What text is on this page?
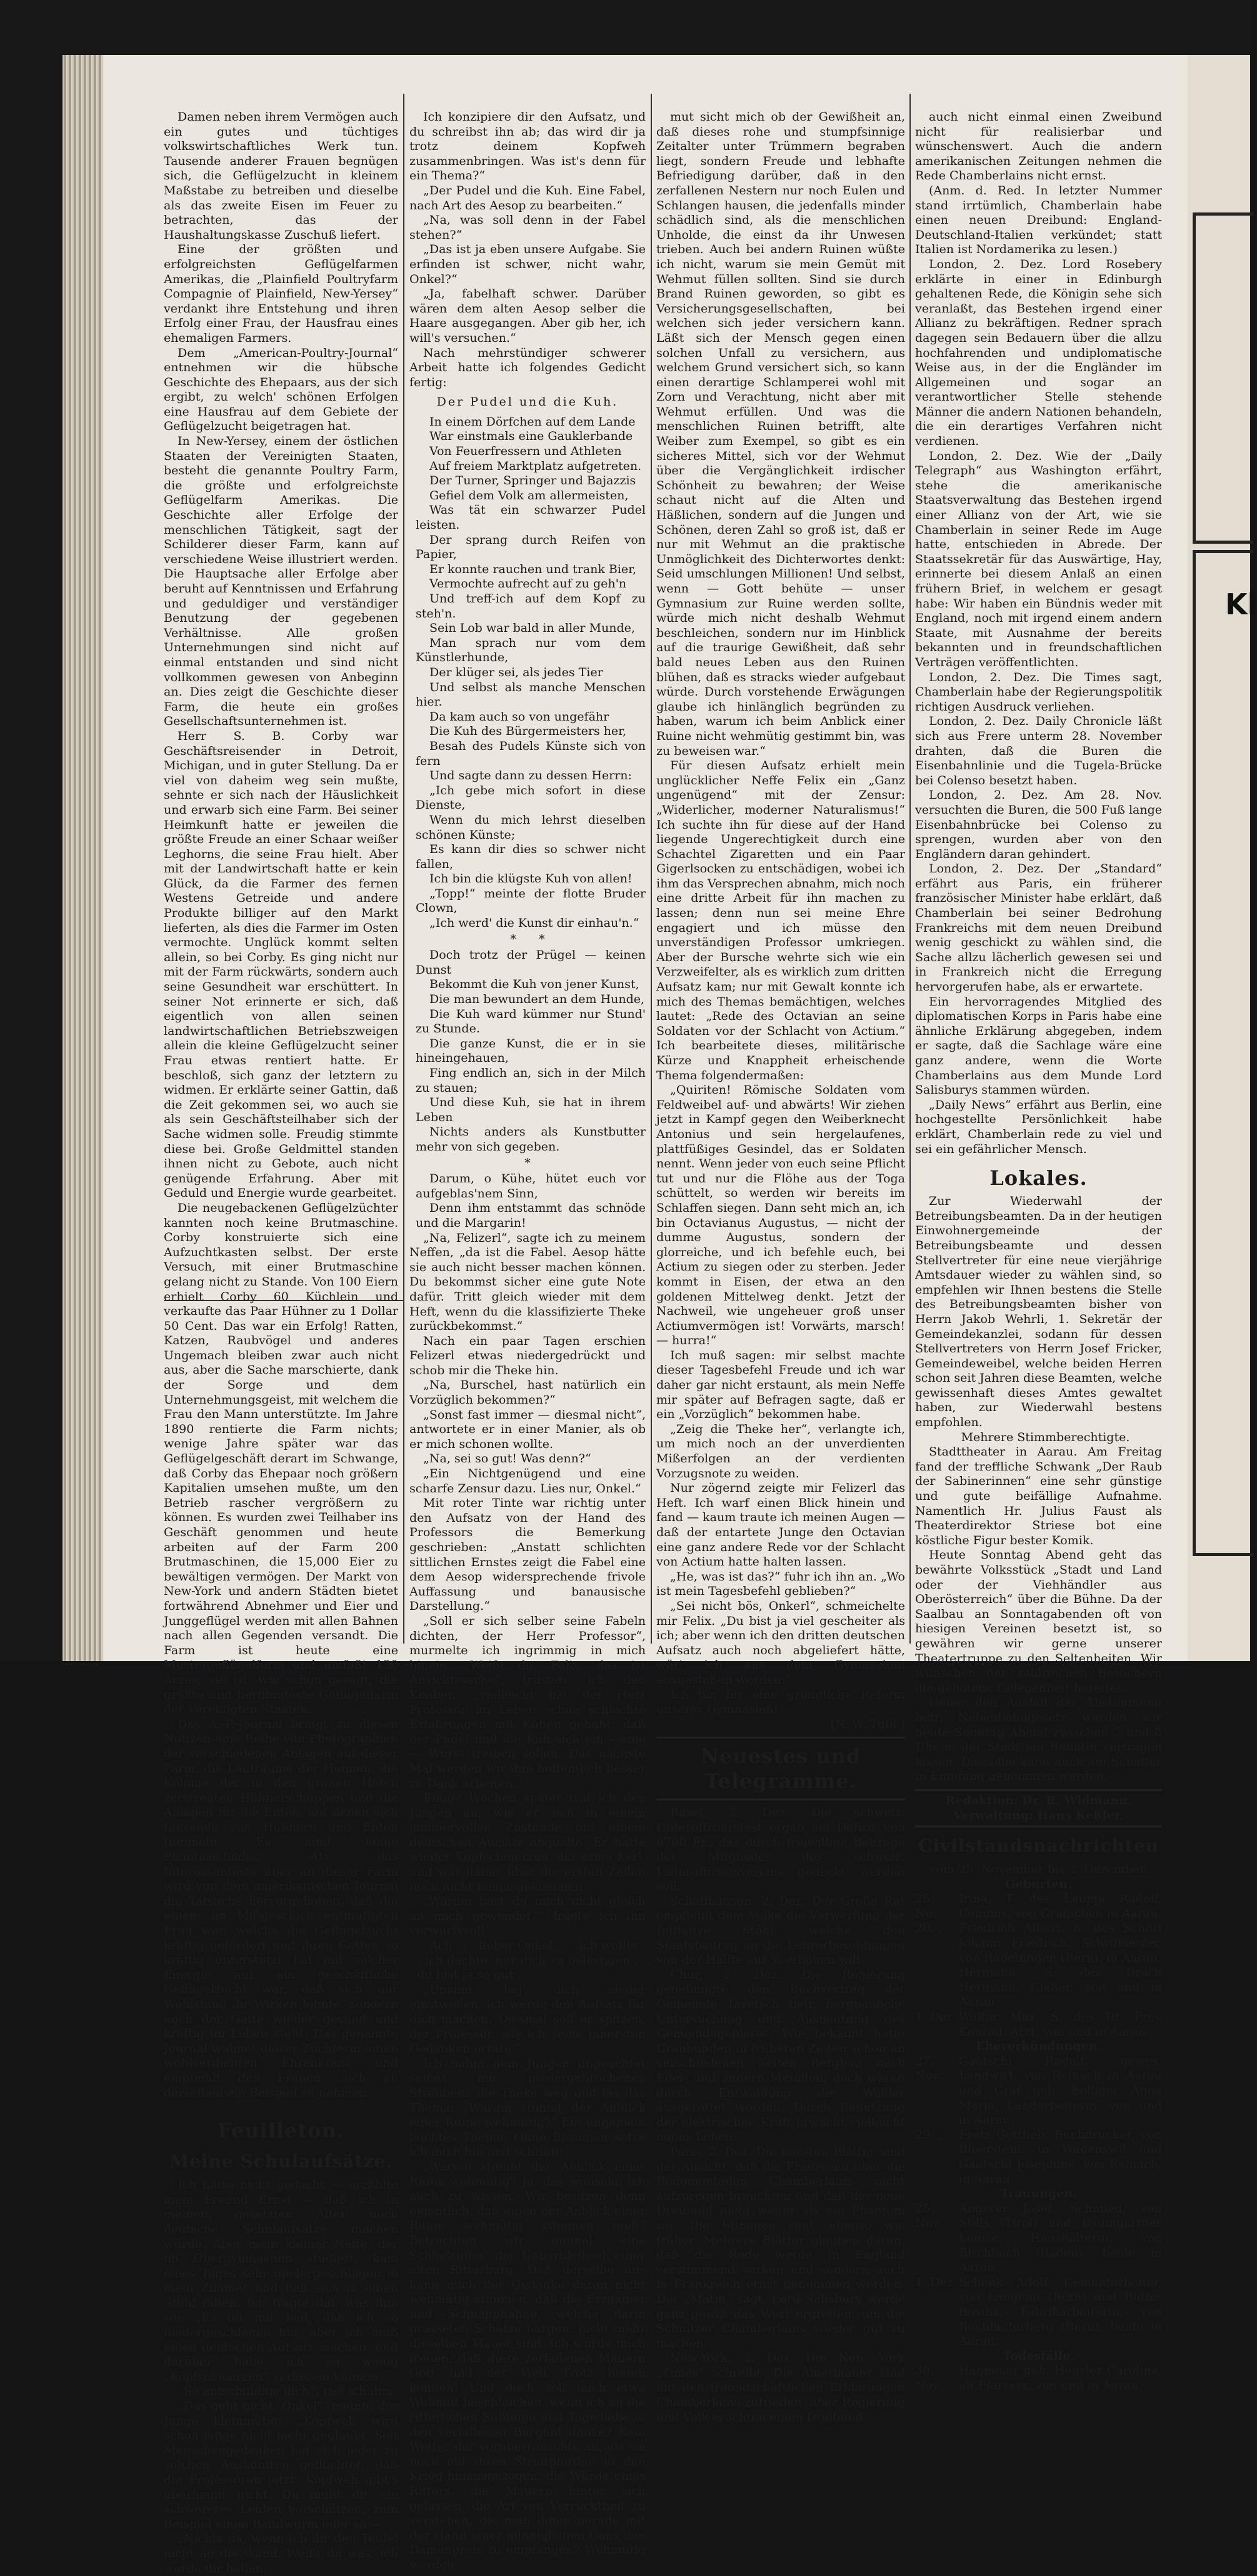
Kl

Damen neben ihrem Vermögen auch ein gutes und tüchtiges volkswirtschaftliches Werk tun. Tausende anderer Frauen begnügen sich, die Geflügelzucht in kleinem Maßstabe zu betreiben und dieselbe als das zweite Eisen im Feuer zu betrachten, das der Haushaltungskasse Zuschuß liefert.

Eine der größten und erfolgreichsten Geflügelfarmen Amerikas, die „Plainfield Poultryfarm Compagnie of Plainfield, New-Yersey“ verdankt ihre Entstehung und ihren Erfolg einer Frau, der Hausfrau eines ehemaligen Farmers.

Dem „American-Poultry-Journal“ entnehmen wir die hübsche Geschichte des Ehepaars, aus der sich ergibt, zu welch' schönen Erfolgen eine Hausfrau auf dem Gebiete der Geflügelzucht beigetragen hat.

In New-Yersey, einem der östlichen Staaten der Vereinigten Staaten, besteht die genannte Poultry Farm, die größte und erfolgreichste Geflügelfarm Amerikas. Die Geschichte aller Erfolge der menschlichen Tätigkeit, sagt der Schilderer dieser Farm, kann auf verschiedene Weise illustriert werden. Die Hauptsache aller Erfolge aber beruht auf Kenntnissen und Erfahrung und geduldiger und verständiger Benutzung der gegebenen Verhältnisse. Alle großen Unternehmungen sind nicht auf einmal entstanden und sind nicht vollkommen gewesen von Anbeginn an. Dies zeigt die Geschichte dieser Farm, die heute ein großes Gesellschaftsunternehmen ist.

Herr S. B. Corby war Geschäftsreisender in Detroit, Michigan, und in guter Stellung. Da er viel von daheim weg sein mußte, sehnte er sich nach der Häuslichkeit und erwarb sich eine Farm. Bei seiner Heimkunft hatte er jeweilen die größte Freude an einer Schaar weißer Leghorns, die seine Frau hielt. Aber mit der Landwirtschaft hatte er kein Glück, da die Farmer des fernen Westens Getreide und andere Produkte billiger auf den Markt lieferten, als dies die Farmer im Osten vermochte. Unglück kommt selten allein, so bei Corby. Es ging nicht nur mit der Farm rückwärts, sondern auch seine Gesundheit war erschüttert. In seiner Not erinnerte er sich, daß eigentlich von allen seinen landwirtschaftlichen Betriebszweigen allein die kleine Geflügelzucht seiner Frau etwas rentiert hatte. Er beschloß, sich ganz der letztern zu widmen. Er erklärte seiner Gattin, daß die Zeit gekommen sei, wo auch sie als sein Geschäftsteilhaber sich der Sache widmen solle. Freudig stimmte diese bei. Große Geldmittel standen ihnen nicht zu Gebote, auch nicht genügende Erfahrung. Aber mit Geduld und Energie wurde gearbeitet.

Die neugebackenen Geflügelzüchter kannten noch keine Brutmaschine. Corby konstruierte sich eine Aufzuchtkasten selbst. Der erste Versuch, mit einer Brutmaschine gelang nicht zu Stande. Von 100 Eiern erhielt Corby 60 Küchlein und verkaufte das Paar Hühner zu 1 Dollar 50 Cent. Das war ein Erfolg! Ratten, Katzen, Raubvögel und anderes Ungemach bleiben zwar auch nicht aus, aber die Sache marschierte, dank der Sorge und dem Unternehmungsgeist, mit welchem die Frau den Mann unterstützte. Im Jahre 1890 rentierte die Farm nichts; wenige Jahre später war das Geflügelgeschäft derart im Schwange, daß Corby das Ehepaar noch größern Kapitalien umsehen mußte, um den Betrieb rascher vergrößern zu können. Es wurden zwei Teilhaber ins Geschäft genommen und heute arbeiten auf der Farm 200 Brutmaschinen, die 15,000 Eier zu bewältigen vermögen. Der Markt von New-York und andern Städten bietet fortwährend Abnehmer und Eier und Junggeflügel werden mit allen Bahnen nach allen Gegenden versandt. Die Farm ist heute eine Mustergeflügelfarm und umfaßt 130 Acres; sie ist, wie schon gesagt, die größte und berühmteste Geflügelfarm der Vereinigten Staaten.

Das A.-P.-Journal bringt zu diesen Notizen eine Reihe von Photographien der verschiedenen Anlagen auf dieser Farm, die Laufräume der Hennen, die Kolonie der in den großen Höfen zerstreuten Hühnerschuppen und die Anlagen für die Enten, auf denen sich tausende von Hühnern und Enten tummeln. Es sind keine Phantasiebilder. Als das Interessanteste aber an dieser Farm wird von dem amerikanischen Journal die Tatsache hervorgehoben, daß die einem im Mißgeschick entmutigten Frau war, welche die Geflügelzucht kräftig gefördert und ihren Gatten so kräftig unterstützt hat mit solcher Energie auf ein geschäftliche Geflügelzucht war, daß sich nur Wohlstand ihr Wirken lohnte, sondern auch der Gatte wieder gesund und kräftig im Leben steht. Das genannte Journal widmet dieser Züchterin einen wohlverdienten Ehrenkranz und empfiehlt den Frauen, sich an derselben ein Beispiel zu nehmen.

Feuilleton.
Meine Schulaufsätze.

Ich hätte nicht gedacht — erzählte mein Freund Ernst — daß ich in meinem gesetzten Alter noch deutsche Schulaufsätze machen würde. Aber mein kleiner Neffe, der im Obergymnasium studiert, kam eines Tages sehr niedergeschlagen in mein Zimmer und ließ sich in einen Stuhl fallen. Ich fragte ihn, was ihm sei. „Es tut mir leid, daß ich so niedergeschlagen bin, aber ich muß einen deutschen Aufsatz machen, und darüber habe ich so wenig „Kopfschmerzen“ verlassen können.

„So entschuldige dich“, riet ich ihm.

„Das geht nicht, Onkel“, meinte der Junge kleinmütig; „Kopfweh wird schon lange nicht mehr geglaubt. Seit Menschengedenken hat sich jeder zu solchen Auskünften geflüchtet, daß die Professoren jetzt: Kopfweh gibt's überhaupt nicht. Du mußt dir ein schwereres Leiden vorschützen, zum Beispiel einen Bandwurm oder so —

„Nichts da; wenn ich dir den Teufel nicht an die Wand. Weißt du was, ich werde dir helfen.

Ich konzipiere dir den Aufsatz, und du schreibst ihn ab; das wird dir ja trotz deinem Kopfweh zusammenbringen. Was ist's denn für ein Thema?“

„Der Pudel und die Kuh. Eine Fabel, nach Art des Aesop zu bearbeiten.“

„Na, was soll denn in der Fabel stehen?“

„Das ist ja eben unsere Aufgabe. Sie erfinden ist schwer, nicht wahr, Onkel?“

„Ja, fabelhaft schwer. Darüber wären dem alten Aesop selber die Haare ausgegangen. Aber gib her, ich will's versuchen.“

Nach mehrstündiger schwerer Arbeit hatte ich folgendes Gedicht fertig:

Der Pudel und die Kuh.

In einem Dörfchen auf dem Lande

War einstmals eine Gauklerbande

Von Feuerfressern und Athleten

Auf freiem Marktplatz aufgetreten.

Der Turner, Springer und Bajazzis

Gefiel dem Volk am allermeisten,

Was tät ein schwarzer Pudel leisten.

Der sprang durch Reifen von Papier,

Er konnte rauchen und trank Bier,

Vermochte aufrecht auf zu geh'n

Und treff-ich auf dem Kopf zu steh'n.

Sein Lob war bald in aller Munde,

Man sprach nur vom dem Künstlerhunde,

Der klüger sei, als jedes Tier

Und selbst als manche Menschen hier.

Da kam auch so von ungefähr

Die Kuh des Bürgermeisters her,

Besah des Pudels Künste sich von fern

Und sagte dann zu dessen Herrn:

„Ich gebe mich sofort in diese Dienste,

Wenn du mich lehrst dieselben schönen Künste;

Es kann dir dies so schwer nicht fallen,

Ich bin die klügste Kuh von allen!

„Topp!“ meinte der flotte Bruder Clown,

„Ich werd' die Kunst dir einhau'n.“

*      *

Doch trotz der Prügel — keinen Dunst

Bekommt die Kuh von jener Kunst,

Die man bewundert an dem Hunde,

Die Kuh ward kümmer nur Stund' zu Stunde.

Die ganze Kunst, die er in sie hineingehauen,

Fing endlich an, sich in der Milch zu stauen;

Und diese Kuh, sie hat in ihrem Leben

Nichts anders als Kunstbutter mehr von sich gegeben.

*

Darum, o Kühe, hütet euch vor aufgeblas'nem Sinn,

Denn ihm entstammt das schnöde und die Margarin!

„Na, Felizerl“, sagte ich zu meinem Neffen, „da ist die Fabel. Aesop hätte sie auch nicht besser machen können. Du bekommst sicher eine gute Note dafür. Tritt gleich wieder mit dem Heft, wenn du die klassifizierte Theke zurückbekommst.“

Nach ein paar Tagen erschien Felizerl etwas niedergedrückt und schob mir die Theke hin.

„Na, Burschel, hast natürlich ein Vorzüglich bekommen?“

„Sonst fast immer — diesmal nicht“, antwortete er in einer Manier, als ob er mich schonen wollte.

„Na, sei so gut! Was denn?“

„Ein Nichtgenügend und eine scharfe Zensur dazu. Lies nur, Onkel.“

Mit roter Tinte war richtig unter den Aufsatz von der Hand des Professors die Bemerkung geschrieben: „Anstatt schlichten sittlichen Ernstes zeigt die Fabel eine dem Aesop widersprechende frivole Auffassung und banausische Darstellung.“

„Soll er sich selber seine Fabeln dichten, der Herr Professor“, murmelte ich ingrimmig in mich hinein. „Weißt du, Felix, das ist Ansichtssache“, tröstete ich den Knaben, „vielleicht hat der Herr Professor im Leben schon schlechte Erfahrungen mit Kühen gehabt, daß der Pudel und die Kuh sich ein – eine — Wurst treiben sollen. Das nächste Mal werden wir ihm hoffentlich besser zu Dank arbeiten.“

Einige Wochen später traf ich den Jungen an, wie er sich in einem jammervollen Zustande mit einem deutschen Aufsatz abquälte. Er hatte wieder Kopfschmerzen, der arme Kerl, und war daher über die ersten Zeilen noch nicht hinausgekommen.

„Warum hast du mich nicht gleich an mich gewendet?“ fragte ich ihn vorwurfsvoll.

„Ach . . . lieber Onkel . . . ich wollte . . . ich dachte, nur dich zu belästigen . . . du bist ja so gut . . .

„Unsinn, leg' dich nieder einstweilen, ich werde den Aufsatz für dich machen. Diesmal soll er spitzen, der Professor, wie ich seine innersten Gedanken errate.“

Ich nahm dem Jungen ungeachtet seines mir niedergebrochenen Sträubens die Theke weg und las das Thema: „Warum stimmt der Anblick einer Ruine wehmütig?“ Ein ungemein leichtes Thema. Ohne Besinnen setze ich mich hin und schrieb:

„Warum stimmt der Anblick einer Ruine wehmütig? Ja, das wünsche ich auch zu wissen. Wir besitzen denn eigentlich, daß einen der Anblick einer Ruine wehmütig stimmen muß? Betrachten wir einmal eine Schloßruine, die Ueberbleibsel einer alten Ritterburg. Daß derselbe uns kann mich der Gedanke daran nicht wehmütig stimmen, daß die Erzgamer und Schnapphähne, welche darin prasseten Schätze bargen, nicht mehr dieselben Mauer sind. Ich würde mich freuen, daß diese zerfallenen Mauern Gott und der Welt Trotz bieten können! Und doch soll mich etwa Wehmut beschleichen, wenn ich an die ritterlichen Süßlinge und Tagediebe in den verfallenen Burghof denke? Kein Wetter der vorüberrauschte an, als sie noch mit ihren Streitpferden in den Krieg hinausgezogen, die Würde eines Ritters, die Mauern hinter sich gelassen, die Art von Verrücktheit zu verstehen, die man ihnen gerade mit der Hand einer minniglichen Gans den Damenpreis zu empfangen? Wehmütig werden

mut sicht mich ob der Gewißheit an, daß dieses rohe und stumpfsinnige Zeitalter unter Trümmern begraben liegt, sondern Freude und lebhafte Befriedigung darüber, daß in den zerfallenen Nestern nur noch Eulen und Schlangen hausen, die jedenfalls minder schädlich sind, als die menschlichen Unholde, die einst da ihr Unwesen trieben. Auch bei andern Ruinen wüßte ich nicht, warum sie mein Gemüt mit Wehmut füllen sollten. Sind sie durch Brand Ruinen geworden, so gibt es Versicherungsgesellschaften, bei welchen sich jeder versichern kann. Läßt sich der Mensch gegen einen solchen Unfall zu versichern, aus welchem Grund versichert sich, so kann einen derartige Schlamperei wohl mit Zorn und Verachtung, nicht aber mit Wehmut erfüllen. Und was die menschlichen Ruinen betrifft, alte Weiber zum Exempel, so gibt es ein sicheres Mittel, sich vor der Wehmut über die Vergänglichkeit irdischer Schönheit zu bewahren; der Weise schaut nicht auf die Alten und Häßlichen, sondern auf die Jungen und Schönen, deren Zahl so groß ist, daß er nur mit Wehmut an die praktische Unmöglichkeit des Dichterwortes denkt: Seid umschlungen Millionen! Und selbst, wenn — Gott behüte — unser Gymnasium zur Ruine werden sollte, würde mich nicht deshalb Wehmut beschleichen, sondern nur im Hinblick auf die traurige Gewißheit, daß sehr bald neues Leben aus den Ruinen blühen, daß es stracks wieder aufgebaut würde. Durch vorstehende Erwägungen glaube ich hinlänglich begründen zu haben, warum ich beim Anblick einer Ruine nicht wehmütig gestimmt bin, was zu beweisen war.“

Für diesen Aufsatz erhielt mein unglücklicher Neffe Felix ein „Ganz ungenügend“ mit der Zensur: „Widerlicher, moderner Naturalismus!“ Ich suchte ihn für diese auf der Hand liegende Ungerechtigkeit durch eine Schachtel Zigaretten und ein Paar Gigerlsocken zu entschädigen, wobei ich ihm das Versprechen abnahm, mich noch eine dritte Arbeit für ihn machen zu lassen; denn nun sei meine Ehre engagiert und ich müsse den unverständigen Professor umkriegen. Aber der Bursche wehrte sich wie ein Verzweifelter, als es wirklich zum dritten Aufsatz kam; nur mit Gewalt konnte ich mich des Themas bemächtigen, welches lautet: „Rede des Octavian an seine Soldaten vor der Schlacht von Actium.“ Ich bearbeitete dieses, militärische Kürze und Knappheit erheischende Thema folgendermaßen:

„Quiriten! Römische Soldaten vom Feldweibel auf- und abwärts! Wir ziehen jetzt in Kampf gegen den Weiberknecht Antonius und sein hergelaufenes, plattfüßiges Gesindel, das er Soldaten nennt. Wenn jeder von euch seine Pflicht tut und nur die Flöhe aus der Toga schüttelt, so werden wir bereits im Schlaffen siegen. Dann seht mich an, ich bin Octavianus Augustus, — nicht der dumme Augustus, sondern der glorreiche, und ich befehle euch, bei Actium zu siegen oder zu sterben. Jeder kommt in Eisen, der etwa an den goldenen Mittelweg denkt. Jetzt der Nachweil, wie ungeheuer groß unser Actiumvermögen ist! Vorwärts, marsch! — hurra!“

Ich muß sagen: mir selbst machte dieser Tagesbefehl Freude und ich war daher gar nicht erstaunt, als mein Neffe mir später auf Befragen sagte, daß er ein „Vorzüglich“ bekommen habe.

„Zeig die Theke her“, verlangte ich, um mich noch an der unverdienten Mißerfolgen an der verdienten Vorzugsnote zu weiden.

Nur zögernd zeigte mir Felizerl das Heft. Ich warf einen Blick hinein und fand — kaum traute ich meinen Augen — daß der entartete Junge den Octavian eine ganz andere Rede vor der Schlacht von Actium hatte halten lassen.

„He, was ist das?“ fuhr ich ihn an. „Wo ist mein Tagesbefehl geblieben?“

„Sei nicht bös, Onkerl“, schmeichelte mir Felix. „Du bist ja viel gescheiter als ich; aber wenn ich den dritten deutschen Aufsatz auch noch abgeliefert hätte, wär' ich aus dem Gymnasium ausgestoßen worden.“

Ich bin für eine gründliche Reform unserer Gymnasien!

(N. W. Tgbl.)
Neuestes und Telegramme.

Basel, 2. Dez. Die schweiz. Unteroffiziersfest ergab ein Defizit von 8700 Fr., das durch freiwillige Beiträge der Mitglieder des schweiz. Unteroffiziersvereins gedeckt werden soll.

Schaffhausen, 2. Dez. Der Große Rat empfiehlt dem Volke die Verwerfung der Initiative Stöhl, welche den Staatsbeitrag an die Lehrerbesoldungen von der Hälfte auf ¾ erhöhen will.

Chur, 2. Dez. Die Regierung genehmigte den Buchvertrag der Gemeinde Tavetsch betr. bergbauliche Untersuchung und Ausbeutung des Gemeindegebietes. Wie bekannt hatte Graubünden in früheren Zeiten schon an verschiedenen Seiten Bergbau nach Edel- und andern Metallen, doch waren durch Entwaldung die Wälder ausgerottet worden. Durch Benützung der elektrischen Kraft erwacht vielleicht neues Leben.

Paris, 2. Dez. Die meisten Blätter sind der Ansicht, daß die Franzosen über die Rodomontaden Chamberlains nicht aufzuregen brauchten und daß der neue Dreibund nicht weiter als ein Phantom sei. Die Stimmen sind, ebenso wie früher. Mehrere Blätter glauben daran, daß die Rede werde in England verstimmend wirken und sondern auch in Frankreich ernst genommen werden. Der „Matin“ sagt, Lord Salisbury werde ganz gewiß das Wort ergreifen, um die Schnitzer Chamberlains wieder gut zu machen.

New-York, 2. Dez. Die New York „Times“ schreibt: Die Amerikaner sind mit den freundschaftlichen Erklärungen Chamberlains zufrieden, aber Regierung und Volk erachten einen Dreibund

auch nicht einmal einen Zweibund nicht für realisierbar und wünschenswert. Auch die andern amerikanischen Zeitungen nehmen die Rede Chamberlains nicht ernst.

(Anm. d. Red. In letzter Nummer stand irrtümlich, Chamberlain habe einen neuen Dreibund: England-Deutschland-Italien verkündet; statt Italien ist Nordamerika zu lesen.)

London, 2. Dez. Lord Rosebery erklärte in einer in Edinburgh gehaltenen Rede, die Königin sehe sich veranlaßt, das Bestehen irgend einer Allianz zu bekräftigen. Redner sprach dagegen sein Bedauern über die allzu hochfahrenden und undiplomatische Weise aus, in der die Engländer im Allgemeinen und sogar an verantwortlicher Stelle stehende Männer die andern Nationen behandeln, die ein derartiges Verfahren nicht verdienen.

London, 2. Dez. Wie der „Daily Telegraph“ aus Washington erfährt, stehe die amerikanische Staatsverwaltung das Bestehen irgend einer Allianz von der Art, wie sie Chamberlain in seiner Rede im Auge hatte, entschieden in Abrede. Der Staatssekretär für das Auswärtige, Hay, erinnerte bei diesem Anlaß an einen frühern Brief, in welchem er gesagt habe: Wir haben ein Bündnis weder mit England, noch mit irgend einem andern Staate, mit Ausnahme der bereits bekannten und in freundschaftlichen Verträgen veröffentlichten.

London, 2. Dez. Die Times sagt, Chamberlain habe der Regierungspolitik richtigen Ausdruck verliehen.

London, 2. Dez. Daily Chronicle läßt sich aus Frere unterm 28. November drahten, daß die Buren die Eisenbahnlinie und die Tugela-Brücke bei Colenso besetzt haben.

London, 2. Dez. Am 28. Nov. versuchten die Buren, die 500 Fuß lange Eisenbahnbrücke bei Colenso zu sprengen, wurden aber von den Engländern daran gehindert.

London, 2. Dez. Der „Standard“ erfährt aus Paris, ein früherer französischer Minister habe erklärt, daß Chamberlain bei seiner Bedrohung Frankreichs mit dem neuen Dreibund wenig geschickt zu wählen sind, die Sache allzu lächerlich gewesen sei und in Frankreich nicht die Erregung hervorgerufen habe, als er erwartete.

Ein hervorragendes Mitglied des diplomatischen Korps in Paris habe eine ähnliche Erklärung abgegeben, indem er sagte, daß die Sachlage wäre eine ganz andere, wenn die Worte Chamberlains aus dem Munde Lord Salisburys stammen würden.

„Daily News“ erfährt aus Berlin, eine hochgestellte Persönlichkeit habe erklärt, Chamberlain rede zu viel und sei ein gefährlicher Mensch.

Lokales.

Zur Wiederwahl der Betreibungsbeamten. Da in der heutigen Einwohnergemeinde der Betreibungsbeamte und dessen Stellvertreter für eine neue vierjährige Amtsdauer wieder zu wählen sind, so empfehlen wir Ihnen bestens die Stelle des Betreibungsbeamten bisher von Herrn Jakob Wehrli, 1. Sekretär der Gemeindekanzlei, sodann für dessen Stellvertreters von Herrn Josef Fricker, Gemeindeweibel, welche beiden Herren schon seit Jahren diese Beamten, welche gewissenhaft dieses Amtes gewaltet haben, zur Wiederwahl bestens empfohlen.

Mehrere Stimmberechtigte.

Stadttheater in Aarau. Am Freitag fand der treffliche Schwank „Der Raub der Sabinerinnen“ eine sehr günstige und gute beifällige Aufnahme. Namentlich Hr. Julius Faust als Theaterdirektor Striese bot eine köstliche Figur bester Komik.

Heute Sonntag Abend geht das bewährte Volksstück „Stadt und Land oder der Viehhändler aus Oberösterreich“ über die Bühne. Da der Saalbau an Sonntagabenden oft von hiesigen Vereinen besetzt ist, so gewähren wir gerne unserer Theatertruppe zu den Seltenheiten. Wir wünschen der zahlreichen Besuchern die gebotene Gelegenheit bereitet.

Ueber den Ausfall der Abstimmung betr. Nebenbahngesetz werden wir heute Sonntag Abend zwischen 7 und 8 Uhr in der Stadt ein Bülletin vertragen lassen. Dasselbe kann auch am Schalter in Empfang genommen werden.

Redaktion: Dr. R. Widmann.
Verwaltung: Hans Keßler.
Civilstandsnachrichten
vom 25. November bis 2. Dezember.
Geburten.
25. Nov.
Irma, T. des Läuppi Rudolf, Commis, von Gränichen in Aarau.
26. „	Friedrich Albert, S. des Schori Johann Friedrich, Schriftsetzer, von Radelfingen (Bern), in Aarau.
„ „	Hermann, S. des Drack Hermann, Gießer, von und in Aarau.
1. Dez. Walter Max, S. des Dr. Frey Konrad, Arzt, von und in Aarau.
Eheverkündungen.
27. Nov.
Gautschi Rudolf, gewes. Landwirt, von Reinach in Aarau und Graf geb. Bolliger Anna Maria, Landarbeiterin, von und in Aarau.
29. „	Fretz Gottlieb, Buchdrucker, von Biberstein, in Wädenswil und Gautschi Josephine, von Reinach, in Aarau.
Trauungen.
25. Nov.
Angerer Josef, Schmied, von Stills (Tirol) und Baumgartner Louise, Haushälterin, von Birchbach (Baden), beide in Aarau.
1. Dez. Schenk Adolf, Cementarbeiter, von Langnau (Bern) und Butler Rosina, Fabrikarbeiterin, von Buchholterberg (Bern), beide in Aarau.
Todesfälle.
30. Nov.
Hagnauer geb. Heusler Carolina, alt Pfarrers, von und in Aarau.
